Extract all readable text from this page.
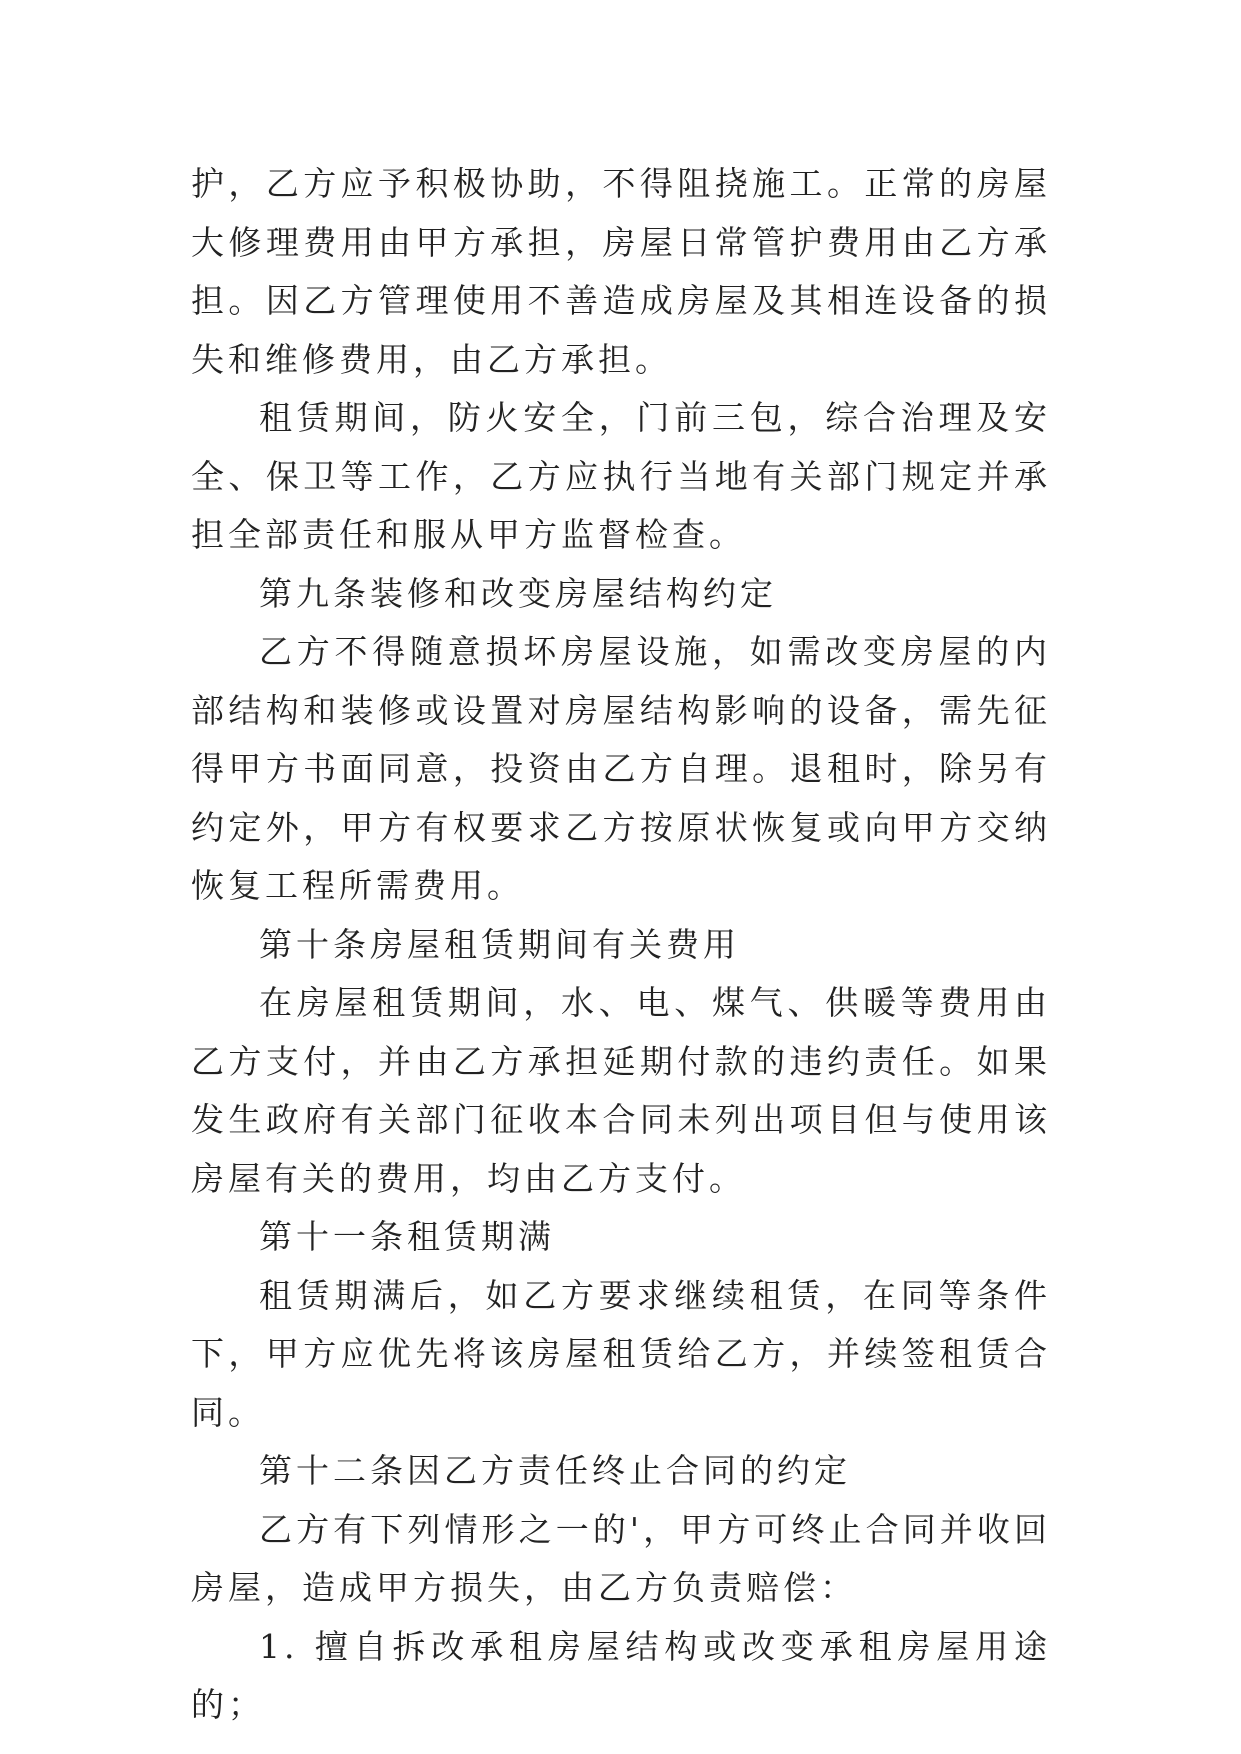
护，乙方应予积极协助，不得阻挠施工。正常的房屋大修理费用由甲方承担，房屋日常管护费用由乙方承担。因乙方管理使用不善造成房屋及其相连设备的损失和维修费用，由乙方承担。

租赁期间，防火安全，门前三包，综合治理及安全、保卫等工作，乙方应执行当地有关部门规定并承担全部责任和服从甲方监督检查。

第九条装修和改变房屋结构约定

乙方不得随意损坏房屋设施，如需改变房屋的内部结构和装修或设置对房屋结构影响的设备，需先征得甲方书面同意，投资由乙方自理。退租时，除另有约定外，甲方有权要求乙方按原状恢复或向甲方交纳恢复工程所需费用。

第十条房屋租赁期间有关费用

在房屋租赁期间，水、电、煤气、供暖等费用由乙方支付，并由乙方承担延期付款的违约责任。如果发生政府有关部门征收本合同未列出项目但与使用该房屋有关的费用，均由乙方支付。

第十一条租赁期满

租赁期满后，如乙方要求继续租赁，在同等条件下，甲方应优先将该房屋租赁给乙方，并续签租赁合同。

第十二条因乙方责任终止合同的约定

乙方有下列情形之一的'，甲方可终止合同并收回房屋，造成甲方损失，由乙方负责赔偿：

1. 擅自拆改承租房屋结构或改变承租房屋用途的；
